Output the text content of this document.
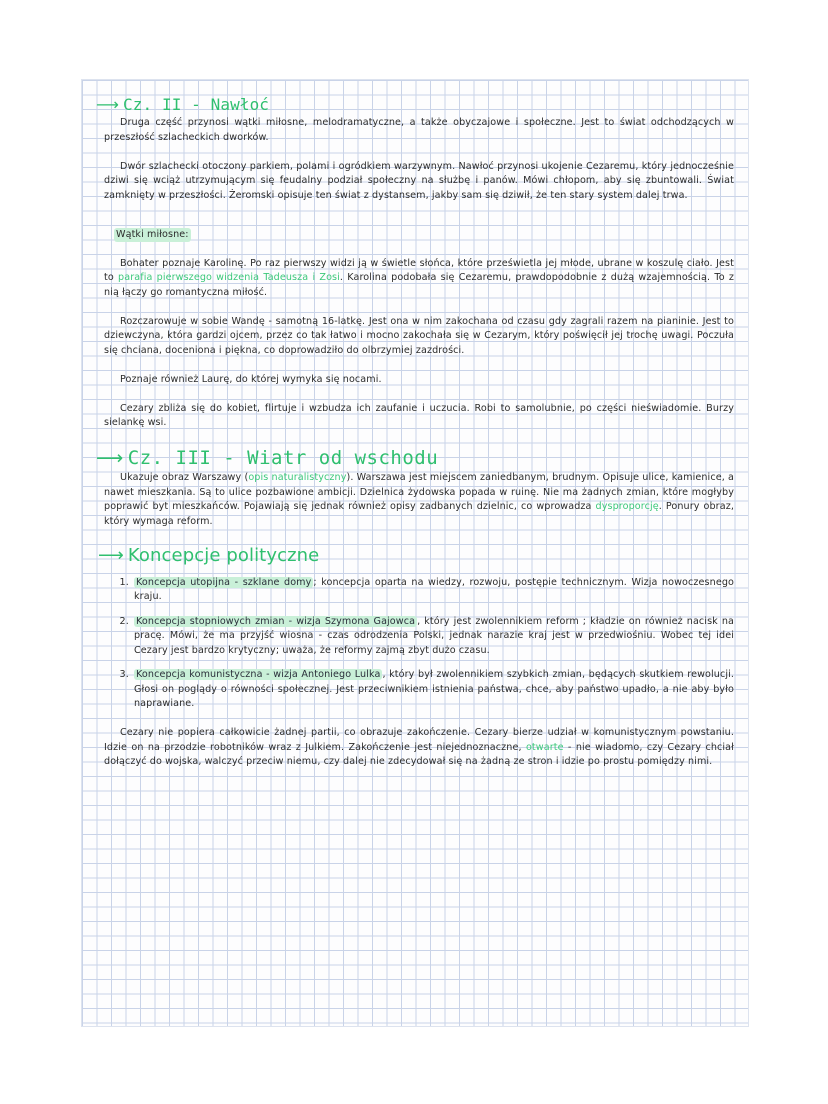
⟶ Cz. II - Nawłoć

Druga część przynosi wątki miłosne, melodramatyczne, a także obyczajowe i społeczne. Jest to świat odchodzących w przeszłość szlacheckich dworków.

Dwór szlachecki otoczony parkiem, polami i ogródkiem warzywnym. Nawłoć przynosi ukojenie Cezaremu, który jednocześnie dziwi się wciąż utrzymującym się feudalny podział społeczny na służbę i panów. Mówi chłopom, aby się zbuntowali. Świat zamknięty w przeszłości. Żeromski opisuje ten świat z dystansem, jakby sam się dziwił, że ten stary system dalej trwa.

Wątki miłosne:

Bohater poznaje Karolinę. Po raz pierwszy widzi ją w świetle słońca, które prześwietla jej młode, ubrane w koszulę ciało. Jest to parafia pierwszego widzenia Tadeusza i Zosi. Karolina podobała się Cezaremu, prawdopodobnie z dużą wzajemnością. To z nią łączy go romantyczna miłość.

Rozczarowuje w sobie Wandę - samotną 16-latkę. Jest ona w nim zakochana od czasu gdy zagrali razem na pianinie. Jest to dziewczyna, która gardzi ojcem, przez co tak łatwo i mocno zakochała się w Cezarym, który poświęcił jej trochę uwagi. Poczuła się chciana, doceniona i piękna, co doprowadziło do olbrzymiej zazdrości.

Poznaje również Laurę, do której wymyka się nocami.

Cezary zbliża się do kobiet, flirtuje i wzbudza ich zaufanie i uczucia. Robi to samolubnie, po części nieświadomie. Burzy sielankę wsi.

⟶ Cz. III - Wiatr od wschodu

Ukazuje obraz Warszawy (opis naturalistyczny). Warszawa jest miejscem zaniedbanym, brudnym. Opisuje ulice, kamienice, a nawet mieszkania. Są to ulice pozbawione ambicji. Dzielnica żydowska popada w ruinę. Nie ma żadnych zmian, które mogłyby poprawić byt mieszkańców. Pojawiają się jednak również opisy zadbanych dzielnic, co wprowadza dysproporcję. Ponury obraz, który wymaga reform.

⟶ Koncepcje polityczne
1. Koncepcja utopijna - szklane domy ; koncepcja oparta na wiedzy, rozwoju, postępie technicznym. Wizja nowoczesnego kraju.
2. Koncepcja stopniowych zmian - wizja Szymona Gajowca , który jest zwolennikiem reform ; kładzie on również nacisk na pracę. Mówi, że ma przyjść wiosna - czas odrodzenia Polski, jednak narazie kraj jest w przedwiośniu. Wobec tej idei Cezary jest bardzo krytyczny; uważa, że reformy zajmą zbyt dużo czasu.
3. Koncepcja komunistyczna - wizja Antoniego Lulka , który był zwolennikiem szybkich zmian, będących skutkiem rewolucji. Głosi on poglądy o równości społecznej. Jest przeciwnikiem istnienia państwa, chce, aby państwo upadło, a nie aby było naprawiane.

Cezary nie popiera całkowicie żadnej partii, co obrazuje zakończenie. Cezary bierze udział w komunistycznym powstaniu. Idzie on na przodzie robotników wraz z Julkiem. Zakończenie jest niejednoznaczne, otwarte - nie wiadomo, czy Cezary chciał dołączyć do wojska, walczyć przeciw niemu, czy dalej nie zdecydował się na żadną ze stron i idzie po prostu pomiędzy nimi.
